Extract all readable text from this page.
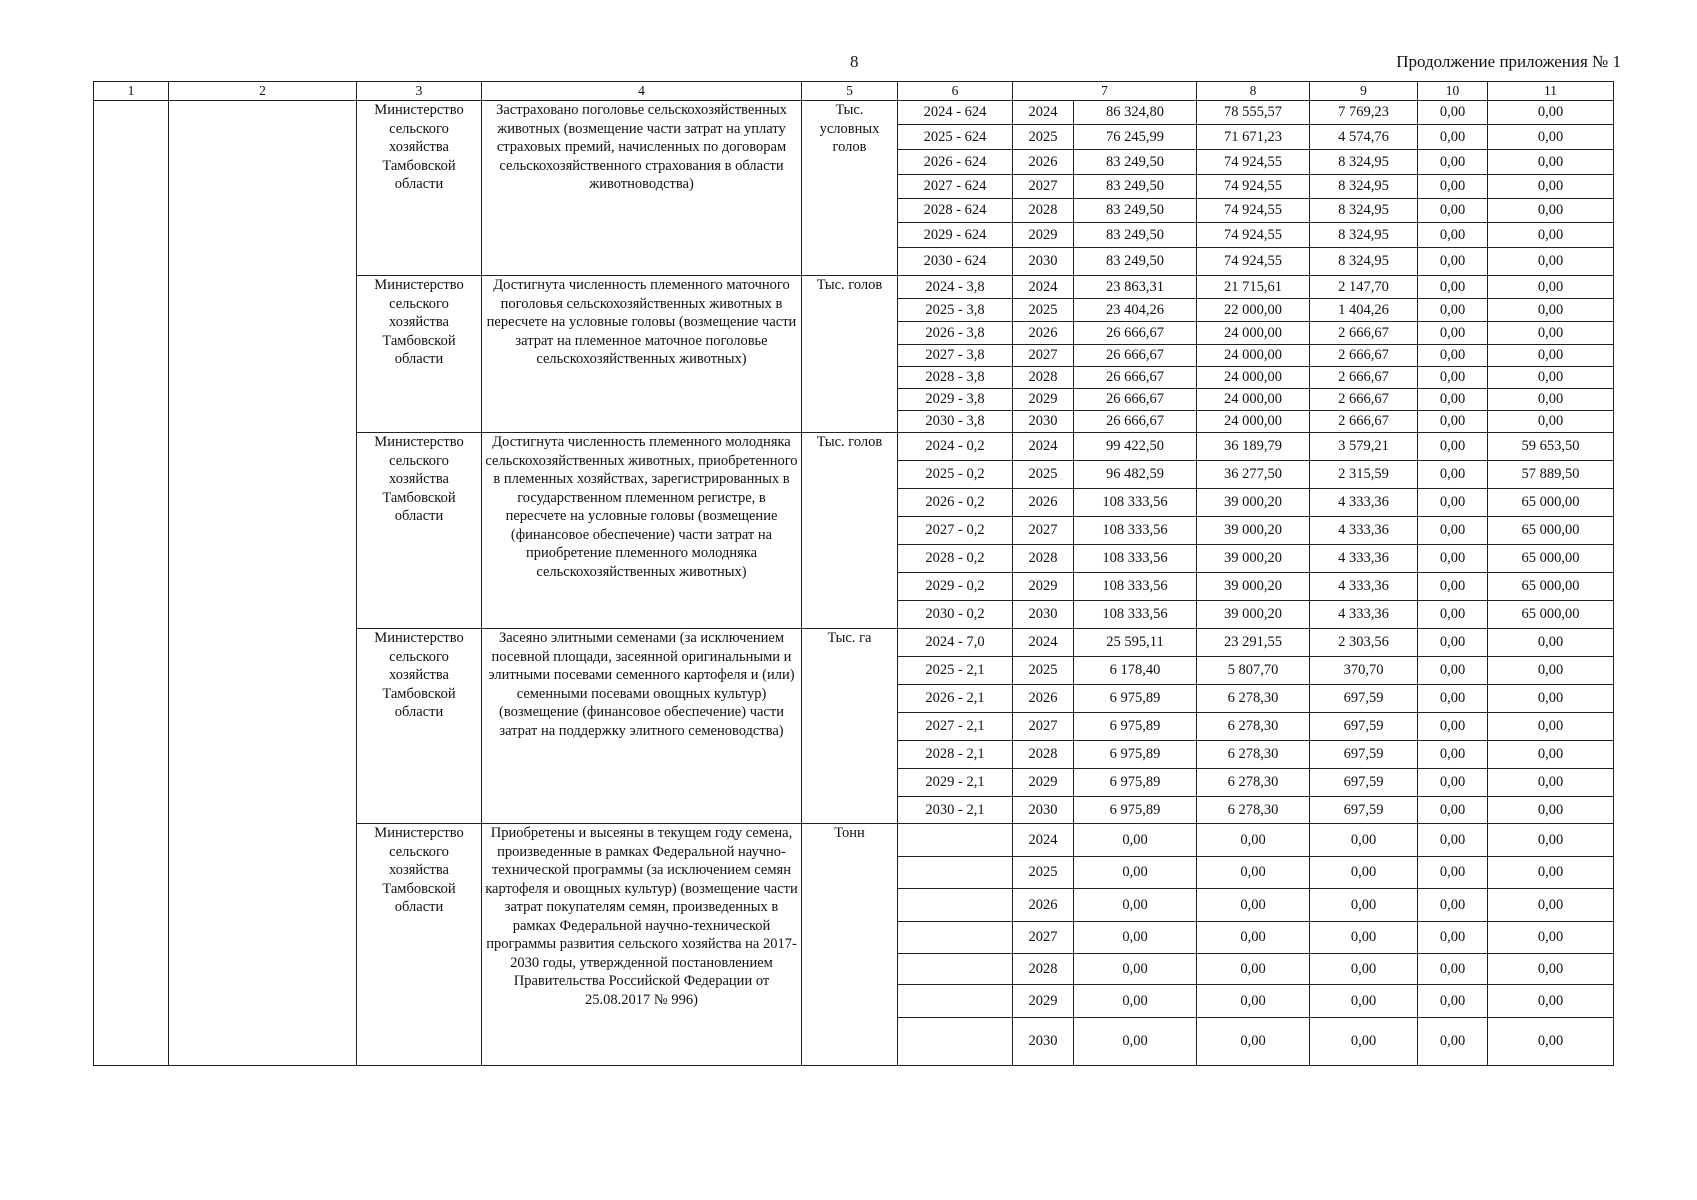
8	Продолжение приложения № 1
1	2	3	4	5	6	7		8	9	10	11
		Министерство сельского хозяйства Тамбовской области	Застраховано поголовье сельскохозяйственных животных (возмещение части затрат на уплату страховых премий, начисленных по договорам сельскохозяйственного страхования в области животноводства)	Тыс. условных голов	2024 - 624	2024	86 324,80	78 555,57	7 769,23	0,00	0,00
					2025 - 624	2025	76 245,99	71 671,23	4 574,76	0,00	0,00
					2026 - 624	2026	83 249,50	74 924,55	8 324,95	0,00	0,00
					2027 - 624	2027	83 249,50	74 924,55	8 324,95	0,00	0,00
					2028 - 624	2028	83 249,50	74 924,55	8 324,95	0,00	0,00
					2029 - 624	2029	83 249,50	74 924,55	8 324,95	0,00	0,00
					2030 - 624	2030	83 249,50	74 924,55	8 324,95	0,00	0,00
		Министерство сельского хозяйства Тамбовской области	Достигнута численность племенного маточного поголовья сельскохозяйственных животных в пересчете на условные головы (возмещение части затрат на племенное маточное поголовье сельскохозяйственных животных)	Тыс. голов	2024 - 3,8	2024	23 863,31	21 715,61	2 147,70	0,00	0,00
					2025 - 3,8	2025	23 404,26	22 000,00	1 404,26	0,00	0,00
					2026 - 3,8	2026	26 666,67	24 000,00	2 666,67	0,00	0,00
					2027 - 3,8	2027	26 666,67	24 000,00	2 666,67	0,00	0,00
					2028 - 3,8	2028	26 666,67	24 000,00	2 666,67	0,00	0,00
					2029 - 3,8	2029	26 666,67	24 000,00	2 666,67	0,00	0,00
					2030 - 3,8	2030	26 666,67	24 000,00	2 666,67	0,00	0,00
		Министерство сельского хозяйства Тамбовской области	Достигнута численность племенного молодняка сельскохозяйственных животных, приобретенного в племенных хозяйствах, зарегистрированных в государственном племенном регистре, в пересчете на условные головы (возмещение (финансовое обеспечение) части затрат на приобретение племенного молодняка сельскохозяйственных животных)	Тыс. голов	2024 - 0,2	2024	99 422,50	36 189,79	3 579,21	0,00	59 653,50
					2025 - 0,2	2025	96 482,59	36 277,50	2 315,59	0,00	57 889,50
					2026 - 0,2	2026	108 333,56	39 000,20	4 333,36	0,00	65 000,00
					2027 - 0,2	2027	108 333,56	39 000,20	4 333,36	0,00	65 000,00
					2028 - 0,2	2028	108 333,56	39 000,20	4 333,36	0,00	65 000,00
					2029 - 0,2	2029	108 333,56	39 000,20	4 333,36	0,00	65 000,00
					2030 - 0,2	2030	108 333,56	39 000,20	4 333,36	0,00	65 000,00
		Министерство сельского хозяйства Тамбовской области	Засеяно элитными семенами (за исключением посевной площади, засеянной оригинальными и элитными посевами семенного картофеля и (или) семенными посевами овощных культур) (возмещение (финансовое обеспечение) части затрат на поддержку элитного семеноводства)	Тыс. га	2024 - 7,0	2024	25 595,11	23 291,55	2 303,56	0,00	0,00
					2025 - 2,1	2025	6 178,40	5 807,70	370,70	0,00	0,00
					2026 - 2,1	2026	6 975,89	6 278,30	697,59	0,00	0,00
					2027 - 2,1	2027	6 975,89	6 278,30	697,59	0,00	0,00
					2028 - 2,1	2028	6 975,89	6 278,30	697,59	0,00	0,00
					2029 - 2,1	2029	6 975,89	6 278,30	697,59	0,00	0,00
					2030 - 2,1	2030	6 975,89	6 278,30	697,59	0,00	0,00
		Министерство сельского хозяйства Тамбовской области	Приобретены и высеяны в текущем году семена, произведенные в рамках Федеральной научно-технической программы (за исключением семян картофеля и овощных культур) (возмещение части затрат покупателям семян, произведенных в рамках Федеральной научно-технической программы развития сельского хозяйства на 2017-2030 годы, утвержденной постановлением Правительства Российской Федерации от 25.08.2017 № 996)	Тонн		2024	0,00	0,00	0,00	0,00	0,00
						2025	0,00	0,00	0,00	0,00	0,00
						2026	0,00	0,00	0,00	0,00	0,00
						2027	0,00	0,00	0,00	0,00	0,00
						2028	0,00	0,00	0,00	0,00	0,00
						2029	0,00	0,00	0,00	0,00	0,00
						2030	0,00	0,00	0,00	0,00	0,00
